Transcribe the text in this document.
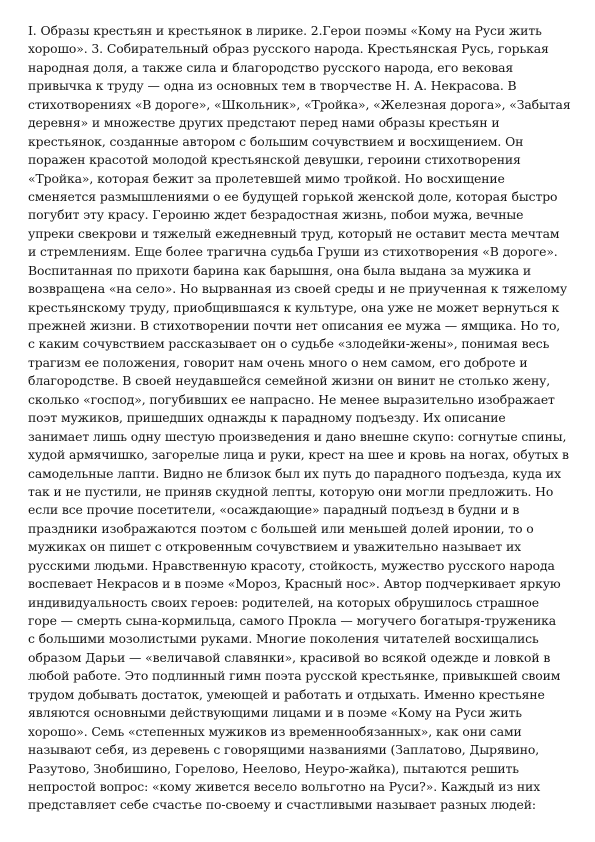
I. Образы крестьян и крестьянок в лирике. 2.Герои поэмы «Кому на Руси жить
хорошо». 3. Собирательный образ русского народа. Крестьянская Русь, горькая
народная доля, а также сила и благородство русского народа, его вековая
привычка к труду — одна из основных тем в творчестве Н. А. Некрасова. В
стихотворениях «В дороге», «Школьник», «Тройка», «Железная дорога», «Забытая
деревня» и множестве других предстают перед нами образы крестьян и
крестьянок, созданные автором с большим сочувствием и восхищением. Он
поражен красотой молодой крестьянской девушки, героини стихотворения
«Тройка», которая бежит за пролетевшей мимо тройкой. Но восхищение
сменяется размышлениями о ее будущей горькой женской доле, которая быстро
погубит эту красу. Героиню ждет безрадостная жизнь, побои мужа, вечные
упреки свекрови и тяжелый ежедневный труд, который не оставит места мечтам
и стремлениям. Еще более трагична судьба Груши из стихотворения «В дороге».
Воспитанная по прихоти барина как барышня, она была выдана за мужика и
возвращена «на село». Но вырванная из своей среды и не приученная к тяжелому
крестьянскому труду, приобщившаяся к культуре, она уже не может вернуться к
прежней жизни. В стихотворении почти нет описания ее мужа — ямщика. Но то,
с каким сочувствием рассказывает он о судьбе «злодейки-жены», понимая весь
трагизм ее положения, говорит нам очень много о нем самом, его доброте и
благородстве. В своей неудавшейся семейной жизни он винит не столько жену,
сколько «господ», погубивших ее напрасно. Не менее выразительно изображает
поэт мужиков, пришедших однажды к парадному подъезду. Их описание
занимает лишь одну шестую произведения и дано внешне скупо: согнутые спины,
худой армячишко, загорелые лица и руки, крест на шее и кровь на ногах, обутых в
самодельные лапти. Видно не близок был их путь до парадного подъезда, куда их
так и не пустили, не приняв скудной лепты, которую они могли предложить. Но
если все прочие посетители, «осаждающие» парадный подъезд в будни и в
праздники изображаются поэтом с большей или меньшей долей иронии, то о
мужиках он пишет с откровенным сочувствием и уважительно называет их
русскими людьми. Нравственную красоту, стойкость, мужество русского народа
воспевает Некрасов и в поэме «Мороз, Красный нос». Автор подчеркивает яркую
индивидуальность своих героев: родителей, на которых обрушилось страшное
горе — смерть сына-кормильца, самого Прокла — могучего богатыря-труженика
с большими мозолистыми руками. Многие поколения читателей восхищались
образом Дарьи — «величавой славянки», красивой во всякой одежде и ловкой в
любой работе. Это подлинный гимн поэта русской крестьянке, привыкшей своим
трудом добывать достаток, умеющей и работать и отдыхать. Именно крестьяне
являются основными действующими лицами и в поэме «Кому на Руси жить
хорошо». Семь «степенных мужиков из временнообязанных», как они сами
называют себя, из деревень с говорящими названиями (Заплатово, Дырявино,
Разутово, Знобишино, Горелово, Неелово, Неуро-жайка), пытаются решить
непростой вопрос: «кому живется весело вольготно на Руси?». Каждый из них
представляет себе счастье по-своему и счастливыми называет разных людей:
